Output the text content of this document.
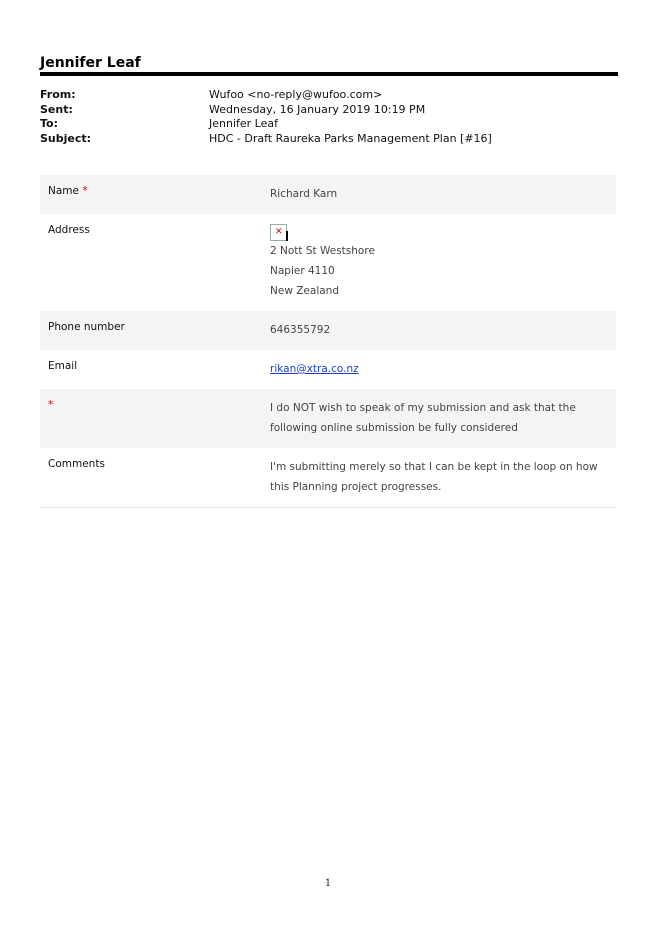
Jennifer Leaf
From:	Wufoo <no-reply@wufoo.com>
Sent:	Wednesday, 16 January 2019 10:19 PM
To:	Jennifer Leaf
Subject:	HDC - Draft Raureka Parks Management Plan [#16]
Name *	Richard Karn
Address	✕
2 Nott St Westshore
Napier 4110
New Zealand
Phone number	646355792
Email	rikan@xtra.co.nz
*	I do NOT wish to speak of my submission and ask that the following online submission be fully considered
Comments	I'm submitting merely so that I can be kept in the loop on how this Planning project progresses.
1
